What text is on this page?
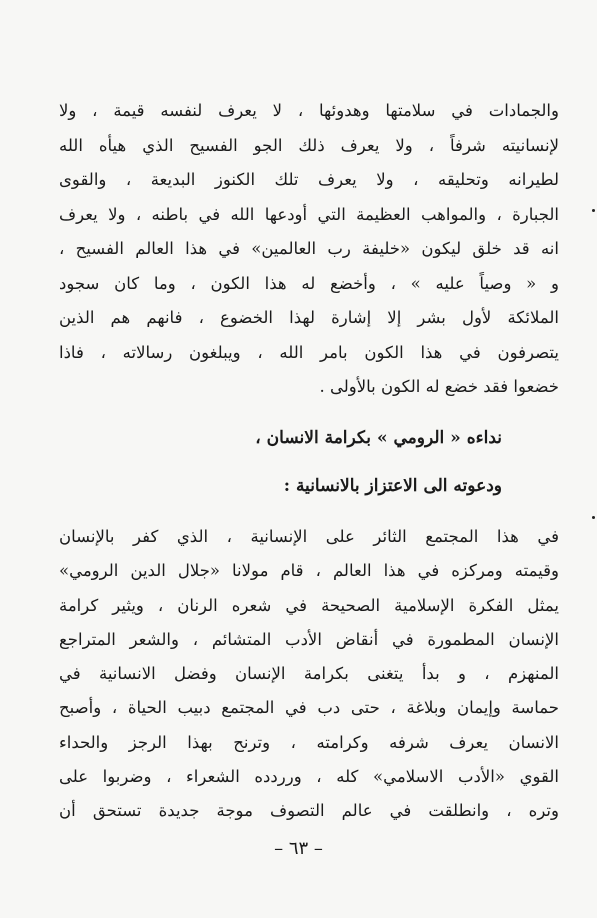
والجمادات في سلامتها وهدوئها ، لا يعرف لنفسه قيمة ، ولا
لإنسانيته شرفاً ، ولا يعرف ذلك الجو الفسيح الذي هيأه الله
لطيرانه وتحليقه ، ولا يعرف تلك الكنوز البديعة ، والقوى
الجبارة ، والمواهب العظيمة التي أودعها الله في باطنه ، ولا يعرف
انه قد خلق ليكون «خليفة رب العالمين» في هذا العالم الفسيح ،
و « وصياً عليه » ، وأخضع له هذا الكون ، وما كان سجود
الملائكة لأول بشر إلا إشارة لهذا الخضوع ، فانهم هم الذين
يتصرفون في هذا الكون بامر الله ، ويبلغون رسالاته ، فاذا
خضعوا فقد خضع له الكون بالأولى .
نداءه « الرومي » بكرامة الانسان ،
ودعوته الى الاعتزاز بالانسانية :
في هذا المجتمع الثائر على الإنسانية ، الذي كفر بالإنسان
وقيمته ومركزه في هذا العالم ، قام مولانا «جلال الدين الرومي»
يمثل الفكرة الإسلامية الصحيحة في شعره الرنان ، ويثير كرامة
الإنسان المطمورة في أنقاض الأدب المتشائم ، والشعر المتراجع
المنهزم ، و بدأ يتغنى بكرامة الإنسان وفضل الانسانية في
حماسة وإيمان وبلاغة ، حتى دب في المجتمع دبيب الحياة ، وأصبح
الانسان يعرف شرفه وكرامته ، وترنح بهذا الرجز والحداء
القوي «الأدب الاسلامي» كله ، ورردده الشعراء ، وضربوا على
وتره ، وانطلقت في عالم التصوف موجة جديدة تستحق أن
– ٦٣ –
